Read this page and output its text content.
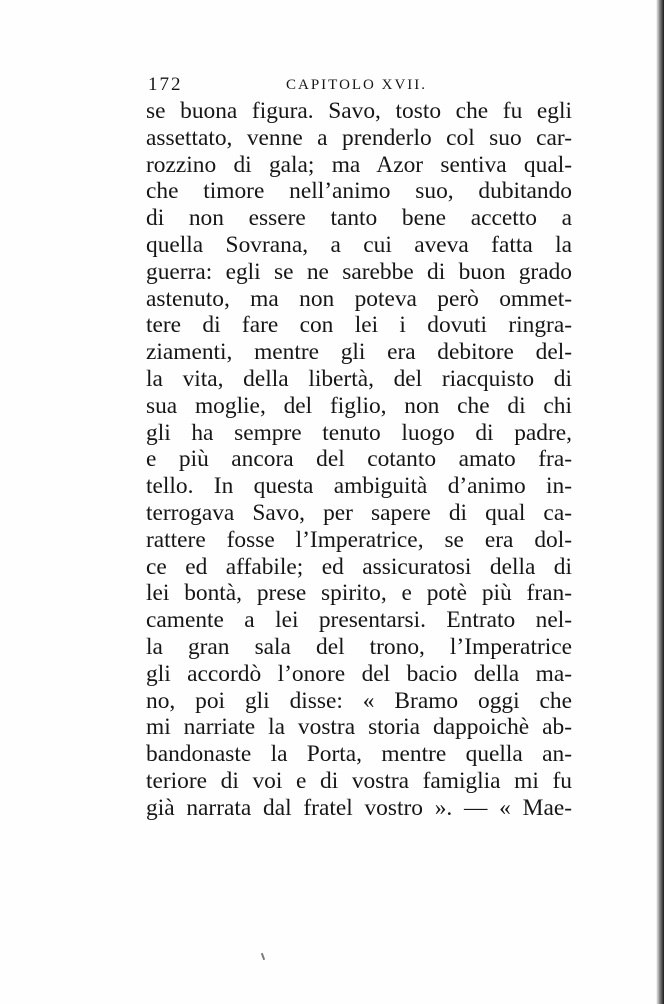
172	CAPITOLO XVII.
se buona figura. Savo, tosto che fu egli
assettato, venne a prenderlo col suo car-
rozzino di gala; ma Azor sentiva qual-
che timore nell’animo suo, dubitando
di non essere tanto bene accetto a
quella Sovrana, a cui aveva fatta la
guerra: egli se ne sarebbe di buon grado
astenuto, ma non poteva però ommet-
tere di fare con lei i dovuti ringra-
ziamenti, mentre gli era debitore del-
la vita, della libertà, del riacquisto di
sua moglie, del figlio, non che di chi
gli ha sempre tenuto luogo di padre,
e più ancora del cotanto amato fra-
tello. In questa ambiguità d’animo in-
terrogava Savo, per sapere di qual ca-
rattere fosse l’Imperatrice, se era dol-
ce ed affabile; ed assicuratosi della di
lei bontà, prese spirito, e potè più fran-
camente a lei presentarsi. Entrato nel-
la gran sala del trono, l’Imperatrice
gli accordò l’onore del bacio della ma-
no, poi gli disse: « Bramo oggi che
mi narriate la vostra storia dappoichè ab-
bandonaste la Porta, mentre quella an-
teriore di voi e di vostra famiglia mi fu
già narrata dal fratel vostro ». — « Mae-
